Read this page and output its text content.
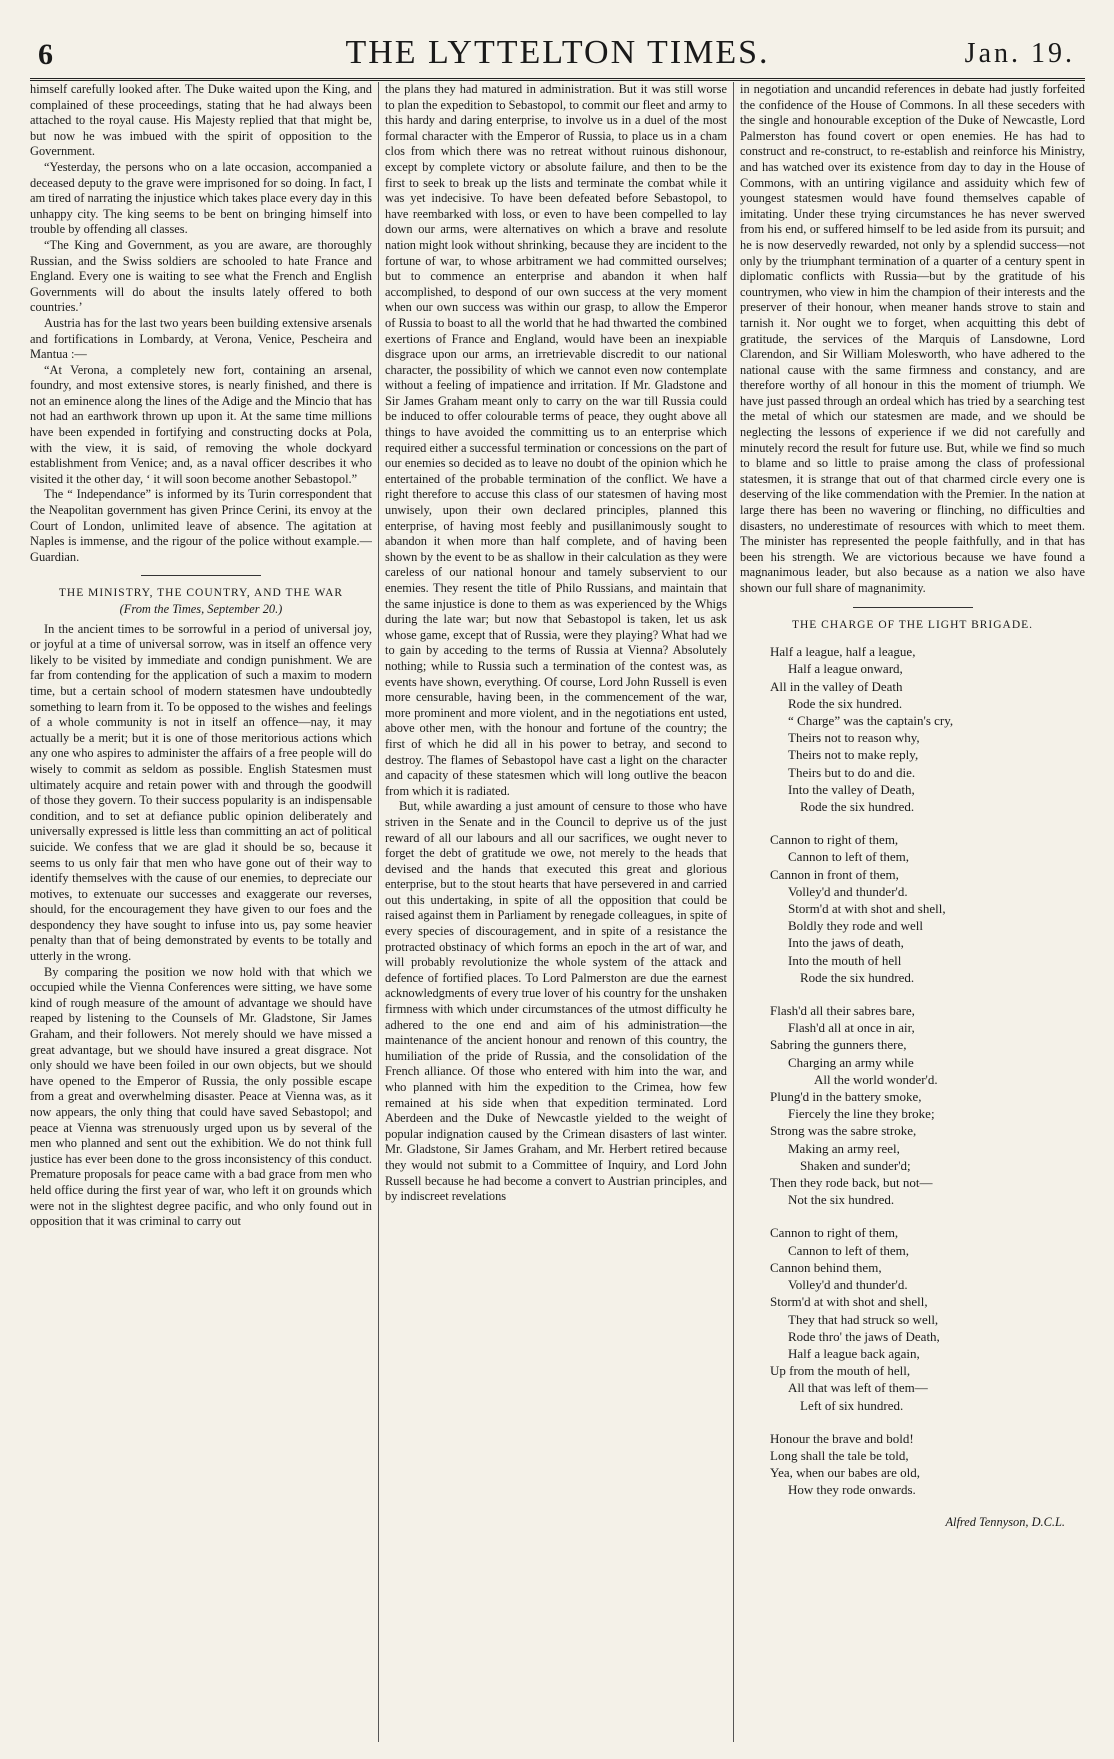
6	THE LYTTELTON TIMES.	Jan. 19.

himself carefully looked after. The Duke waited upon the King, and complained of these proceedings, stating that he had always been attached to the royal cause. His Majesty replied that that might be, but now he was imbued with the spirit of opposition to the Government.

“Yesterday, the persons who on a late occasion, accompanied a deceased deputy to the grave were imprisoned for so doing. In fact, I am tired of narrating the injustice which takes place every day in this unhappy city. The king seems to be bent on bringing himself into trouble by offending all classes.

“The King and Government, as you are aware, are thoroughly Russian, and the Swiss soldiers are schooled to hate France and England. Every one is waiting to see what the French and English Governments will do about the insults lately offered to both countries.’

Austria has for the last two years been building extensive arsenals and fortifications in Lombardy, at Verona, Venice, Pescheira and Mantua :—

“At Verona, a completely new fort, containing an arsenal, foundry, and most extensive stores, is nearly finished, and there is not an eminence along the lines of the Adige and the Mincio that has not had an earthwork thrown up upon it. At the same time millions have been expended in fortifying and constructing docks at Pola, with the view, it is said, of removing the whole dockyard establishment from Venice; and, as a naval officer describes it who visited it the other day, ‘ it will soon become another Sebastopol.”

The “ Independance” is informed by its Turin correspondent that the Neapolitan government has given Prince Cerini, its envoy at the Court of London, unlimited leave of absence. The agitation at Naples is immense, and the rigour of the police without example.—Guardian.

THE MINISTRY, THE COUNTRY, AND THE WAR

(From the Times, September 20.)

In the ancient times to be sorrowful in a period of universal joy, or joyful at a time of universal sorrow, was in itself an offence very likely to be visited by immediate and condign punishment. We are far from contending for the application of such a maxim to modern time, but a certain school of modern statesmen have undoubtedly something to learn from it. To be opposed to the wishes and feelings of a whole community is not in itself an offence—nay, it may actually be a merit; but it is one of those meritorious actions which any one who aspires to administer the affairs of a free people will do wisely to commit as seldom as possible. English Statesmen must ultimately acquire and retain power with and through the goodwill of those they govern. To their success popularity is an indispensable condition, and to set at defiance public opinion deliberately and universally expressed is little less than committing an act of political suicide. We confess that we are glad it should be so, because it seems to us only fair that men who have gone out of their way to identify themselves with the cause of our enemies, to depreciate our motives, to extenuate our successes and exaggerate our reverses, should, for the encouragement they have given to our foes and the despondency they have sought to infuse into us, pay some heavier penalty than that of being demonstrated by events to be totally and utterly in the wrong.

By comparing the position we now hold with that which we occupied while the Vienna Conferences were sitting, we have some kind of rough measure of the amount of advantage we should have reaped by listening to the Counsels of Mr. Gladstone, Sir James Graham, and their followers. Not merely should we have missed a great advantage, but we should have insured a great disgrace. Not only should we have been foiled in our own objects, but we should have opened to the Emperor of Russia, the only possible escape from a great and overwhelming disaster. Peace at Vienna was, as it now appears, the only thing that could have saved Sebastopol; and peace at Vienna was strenuously urged upon us by several of the men who planned and sent out the exhibition. We do not think full justice has ever been done to the gross inconsistency of this conduct. Premature proposals for peace came with a bad grace from men who held office during the first year of war, who left it on grounds which were not in the slightest degree pacific, and who only found out in opposition that it was criminal to carry out

the plans they had matured in administration. But it was still worse to plan the expedition to Sebastopol, to commit our fleet and army to this hardy and daring enterprise, to involve us in a duel of the most formal character with the Emperor of Russia, to place us in a cham clos from which there was no retreat without ruinous dishonour, except by complete victory or absolute failure, and then to be the first to seek to break up the lists and terminate the combat while it was yet indecisive. To have been defeated before Sebastopol, to have reembarked with loss, or even to have been compelled to lay down our arms, were alternatives on which a brave and resolute nation might look without shrinking, because they are incident to the fortune of war, to whose arbitrament we had committed ourselves; but to commence an enterprise and abandon it when half accomplished, to despond of our own success at the very moment when our own success was within our grasp, to allow the Emperor of Russia to boast to all the world that he had thwarted the combined exertions of France and England, would have been an inexpiable disgrace upon our arms, an irretrievable discredit to our national character, the possibility of which we cannot even now contemplate without a feeling of impatience and irritation. If Mr. Gladstone and Sir James Graham meant only to carry on the war till Russia could be induced to offer colourable terms of peace, they ought above all things to have avoided the committing us to an enterprise which required either a successful termination or concessions on the part of our enemies so decided as to leave no doubt of the opinion which he entertained of the probable termination of the conflict. We have a right therefore to accuse this class of our statesmen of having most unwisely, upon their own declared principles, planned this enterprise, of having most feebly and pusillanimously sought to abandon it when more than half complete, and of having been shown by the event to be as shallow in their calculation as they were careless of our national honour and tamely subservient to our enemies. They resent the title of Philo Russians, and maintain that the same injustice is done to them as was experienced by the Whigs during the late war; but now that Sebastopol is taken, let us ask whose game, except that of Russia, were they playing? What had we to gain by acceding to the terms of Russia at Vienna? Absolutely nothing; while to Russia such a termination of the contest was, as events have shown, everything. Of course, Lord John Russell is even more censurable, having been, in the commencement of the war, more prominent and more violent, and in the negotiations ent usted, above other men, with the honour and fortune of the country; the first of which he did all in his power to betray, and second to destroy. The flames of Sebastopol have cast a light on the character and capacity of these statesmen which will long outlive the beacon from which it is radiated.

But, while awarding a just amount of censure to those who have striven in the Senate and in the Council to deprive us of the just reward of all our labours and all our sacrifices, we ought never to forget the debt of gratitude we owe, not merely to the heads that devised and the hands that executed this great and glorious enterprise, but to the stout hearts that have persevered in and carried out this undertaking, in spite of all the opposition that could be raised against them in Parliament by renegade colleagues, in spite of every species of discouragement, and in spite of a resistance the protracted obstinacy of which forms an epoch in the art of war, and will probably revolutionize the whole system of the attack and defence of fortified places. To Lord Palmerston are due the earnest acknowledgments of every true lover of his country for the unshaken firmness with which under circumstances of the utmost difficulty he adhered to the one end and aim of his administration—the maintenance of the ancient honour and renown of this country, the humiliation of the pride of Russia, and the consolidation of the French alliance. Of those who entered with him into the war, and who planned with him the expedition to the Crimea, how few remained at his side when that expedition terminated. Lord Aberdeen and the Duke of Newcastle yielded to the weight of popular indignation caused by the Crimean disasters of last winter. Mr. Gladstone, Sir James Graham, and Mr. Herbert retired because they would not submit to a Committee of Inquiry, and Lord John Russell because he had become a convert to Austrian principles, and by indiscreet revelations

in negotiation and uncandid references in debate had justly forfeited the confidence of the House of Commons. In all these seceders with the single and honourable exception of the Duke of Newcastle, Lord Palmerston has found covert or open enemies. He has had to construct and re-construct, to re-establish and reinforce his Ministry, and has watched over its existence from day to day in the House of Commons, with an untiring vigilance and assiduity which few of youngest statesmen would have found themselves capable of imitating. Under these trying circumstances he has never swerved from his end, or suffered himself to be led aside from its pursuit; and he is now deservedly rewarded, not only by a splendid success—not only by the triumphant termination of a quarter of a century spent in diplomatic conflicts with Russia—but by the gratitude of his countrymen, who view in him the champion of their interests and the preserver of their honour, when meaner hands strove to stain and tarnish it. Nor ought we to forget, when acquitting this debt of gratitude, the services of the Marquis of Lansdowne, Lord Clarendon, and Sir William Molesworth, who have adhered to the national cause with the same firmness and constancy, and are therefore worthy of all honour in this the moment of triumph. We have just passed through an ordeal which has tried by a searching test the metal of which our statesmen are made, and we should be neglecting the lessons of experience if we did not carefully and minutely record the result for future use. But, while we find so much to blame and so little to praise among the class of professional statesmen, it is strange that out of that charmed circle every one is deserving of the like commendation with the Premier. In the nation at large there has been no wavering or flinching, no difficulties and disasters, no underestimate of resources with which to meet them. The minister has represented the people faithfully, and in that has been his strength. We are victorious because we have found a magnanimous leader, but also because as a nation we also have shown our full share of magnanimity.

THE CHARGE OF THE LIGHT BRIGADE.

Half a league, half a league,
Half a league onward,
All in the valley of Death
Rode the six hundred.
“ Charge” was the captain's cry,
Theirs not to reason why,
Theirs not to make reply,
Theirs but to do and die.
Into the valley of Death,
Rode the six hundred.
Cannon to right of them,
Cannon to left of them,
Cannon in front of them,
Volley'd and thunder'd.
Storm'd at with shot and shell,
Boldly they rode and well
Into the jaws of death,
Into the mouth of hell
Rode the six hundred.
Flash'd all their sabres bare,
Flash'd all at once in air,
Sabring the gunners there,
Charging an army while
All the world wonder'd.
Plung'd in the battery smoke,
Fiercely the line they broke;
Strong was the sabre stroke,
Making an army reel,
Shaken and sunder'd;
Then they rode back, but not—
Not the six hundred.
Cannon to right of them,
Cannon to left of them,
Cannon behind them,
Volley'd and thunder'd.
Storm'd at with shot and shell,
They that had struck so well,
Rode thro' the jaws of Death,
Half a league back again,
Up from the mouth of hell,
All that was left of them—
Left of six hundred.
Honour the brave and bold!
Long shall the tale be told,
Yea, when our babes are old,
How they rode onwards.
Alfred Tennyson, D.C.L.
